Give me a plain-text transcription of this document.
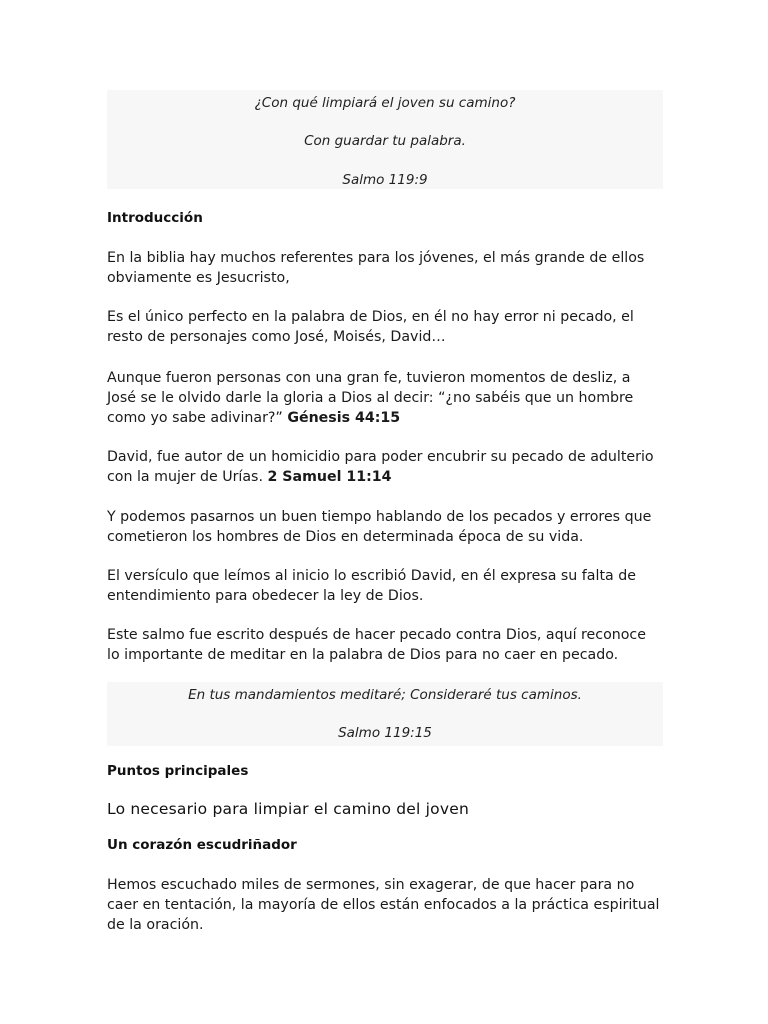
¿Con qué limpiará el joven su camino?

Con guardar tu palabra.

Salmo 119:9

Introducción

En la biblia hay muchos referentes para los jóvenes, el más grande de ellos obviamente es Jesucristo,

Es el único perfecto en la palabra de Dios, en él no hay error ni pecado, el resto de personajes como José, Moisés, David…

Aunque fueron personas con una gran fe, tuvieron momentos de desliz, a José se le olvido darle la gloria a Dios al decir: “¿no sabéis que un hombre como yo sabe adivinar?” Génesis 44:15

David, fue autor de un homicidio para poder encubrir su pecado de adulterio con la mujer de Urías. 2 Samuel 11:14

Y podemos pasarnos un buen tiempo hablando de los pecados y errores que cometieron los hombres de Dios en determinada época de su vida.

El versículo que leímos al inicio lo escribió David, en él expresa su falta de entendimiento para obedecer la ley de Dios.

Este salmo fue escrito después de hacer pecado contra Dios, aquí reconoce lo importante de meditar en la palabra de Dios para no caer en pecado.

En tus mandamientos meditaré; Consideraré tus caminos.

Salmo 119:15

Puntos principales
Lo necesario para limpiar el camino del joven
Un corazón escudriñador

Hemos escuchado miles de sermones, sin exagerar, de que hacer para no caer en tentación, la mayoría de ellos están enfocados a la práctica espiritual de la oración.
